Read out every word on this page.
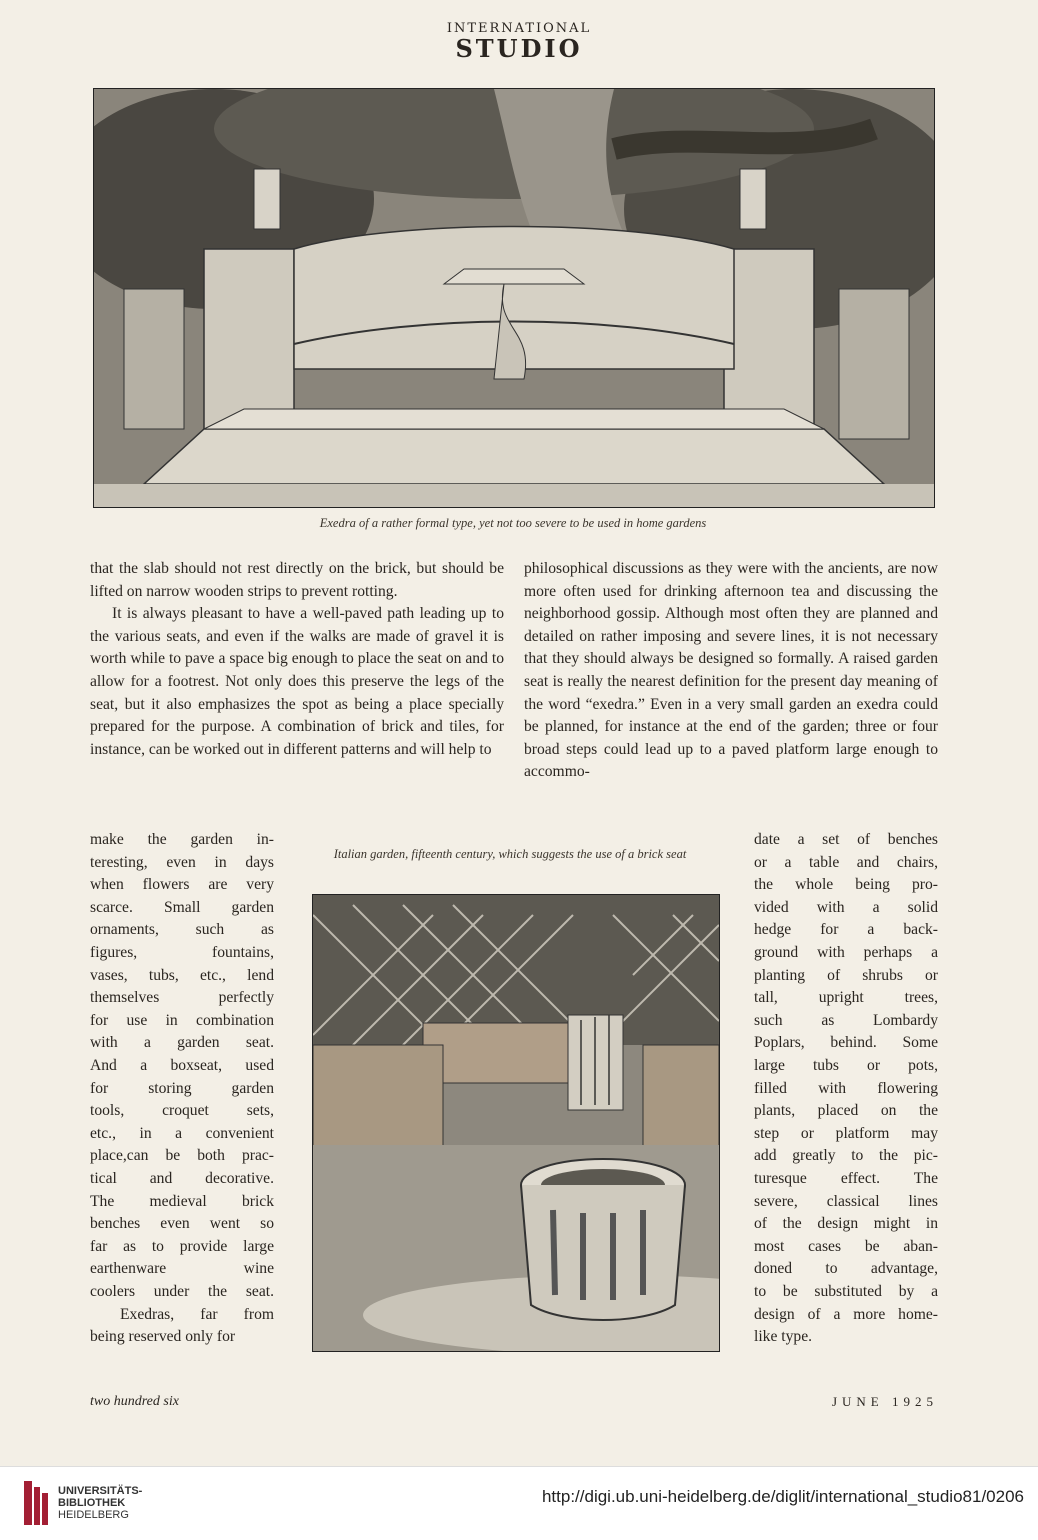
INTERNATIONAL
STUDIO
Exedra of a rather formal type, yet not too severe to be used in home gardens

that the slab should not rest directly on the brick, but should be lifted on narrow wooden strips to prevent rotting.

It is always pleasant to have a well-paved path leading up to the various seats, and even if the walks are made of gravel it is worth while to pave a space big enough to place the seat on and to allow for a footrest. Not only does this preserve the legs of the seat, but it also emphasizes the spot as being a place specially prepared for the purpose. A combination of brick and tiles, for instance, can be worked out in different patterns and will help to

philosophical discussions as they were with the ancients, are now more often used for drinking afternoon tea and discussing the neighborhood gossip. Although most often they are planned and detailed on rather imposing and severe lines, it is not necessary that they should always be designed so formally. A raised garden seat is really the nearest definition for the present day meaning of the word “exedra.” Even in a very small garden an exedra could be planned, for instance at the end of the garden; three or four broad steps could lead up to a paved platform large enough to accommo-

make the garden in-
teresting, even in days
when flowers are very
scarce. Small garden
ornaments, such as
figures, fountains,
vases, tubs, etc., lend
themselves perfectly
for use in combination
with a garden seat.
And a boxseat, used
for storing garden
tools, croquet sets,
etc., in a convenient
place,can be both prac-
tical and decorative.
The medieval brick
benches even went so
far as to provide large
earthenware wine
coolers under the seat.
Exedras, far from
being reserved only for
Italian garden, fifteenth century, which suggests the use of a brick seat
date a set of benches
or a table and chairs,
the whole being pro-
vided with a solid
hedge for a back-
ground with perhaps a
planting of shrubs or
tall, upright trees,
such as Lombardy
Poplars, behind. Some
large tubs or pots,
filled with flowering
plants, placed on the
step or platform may
add greatly to the pic-
turesque effect. The
severe, classical lines
of the design might in
most cases be aban-
doned to advantage,
to be substituted by a
design of a more home-
like type.
two hundred six	JUNE 1925
UNIVERSITÄTS-
BIBLIOTHEK
HEIDELBERG
http://digi.ub.uni-heidelberg.de/diglit/international_studio81/0206
